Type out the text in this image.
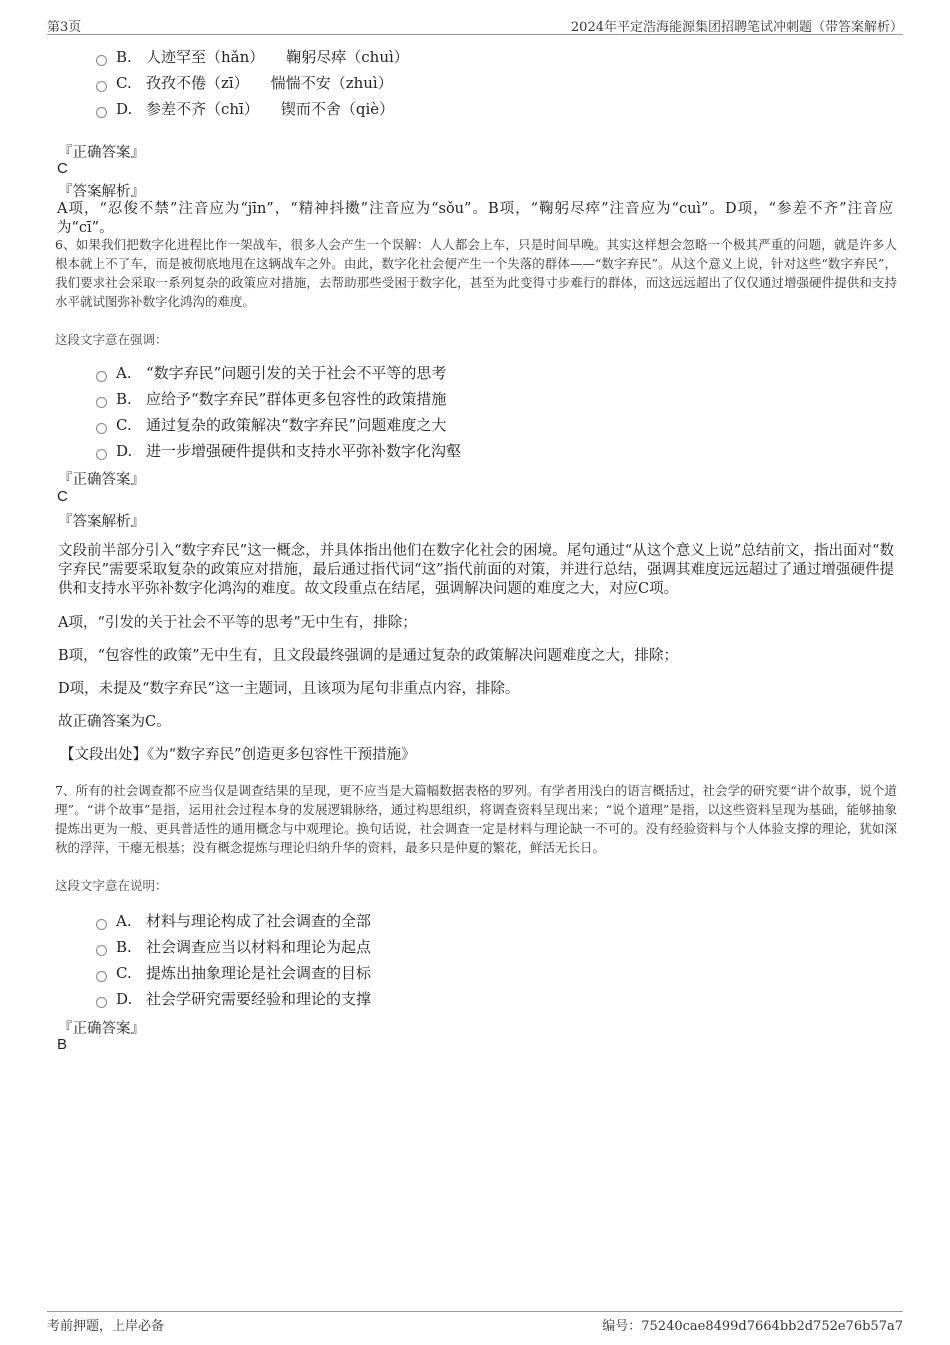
第3页	2024年平定浩海能源集团招聘笔试冲刺题（带答案解析）
B. 人迹罕至（hǎn） 鞠躬尽瘁（chuì）
C. 孜孜不倦（zī） 惴惴不安（zhuì）
D. 参差不齐（chī） 锲而不舍（qiè）
『正确答案』
C
『答案解析』
A项，“忍俊不禁”注音应为“jīn”，“精神抖擞”注音应为“sǒu”。B项，“鞠躬尽瘁”注音应为“cuì”。D项，“参差不齐”注音应为“cī”。
6、如果我们把数字化进程比作一架战车，很多人会产生一个误解：人人都会上车，只是时间早晚。其实这样想会忽略一个极其严重的问题，就是许多人根本就上不了车，而是被彻底地甩在这辆战车之外。由此，数字化社会便产生一个失落的群体——“数字弃民”。从这个意义上说，针对这些“数字弃民”，我们要求社会采取一系列复杂的政策应对措施，去帮助那些受困于数字化，甚至为此变得寸步难行的群体，而这远远超出了仅仅通过增强硬件提供和支持水平就试图弥补数字化鸿沟的难度。
这段文字意在强调：
A. “数字弃民”问题引发的关于社会不平等的思考
B. 应给予“数字弃民”群体更多包容性的政策措施
C. 通过复杂的政策解决“数字弃民”问题难度之大
D. 进一步增强硬件提供和支持水平弥补数字化沟壑
『正确答案』
C
『答案解析』
文段前半部分引入“数字弃民”这一概念，并具体指出他们在数字化社会的困境。尾句通过“从这个意义上说”总结前文，指出面对“数字弃民”需要采取复杂的政策应对措施，最后通过指代词“这”指代前面的对策，并进行总结，强调其难度远远超过了通过增强硬件提供和支持水平弥补数字化鸿沟的难度。故文段重点在结尾，强调解决问题的难度之大，对应C项。
A项，“引发的关于社会不平等的思考”无中生有，排除；
B项，“包容性的政策”无中生有，且文段最终强调的是通过复杂的政策解决问题难度之大，排除；
D项，未提及“数字弃民”这一主题词，且该项为尾句非重点内容，排除。
故正确答案为C。
【文段出处】《为“数字弃民”创造更多包容性干预措施》
7、所有的社会调查都不应当仅是调查结果的呈现，更不应当是大篇幅数据表格的罗列。有学者用浅白的语言概括过，社会学的研究要“讲个故事，说个道理”。“讲个故事”是指，运用社会过程本身的发展逻辑脉络，通过构思组织，将调查资料呈现出来；“说个道理”是指，以这些资料呈现为基础，能够抽象提炼出更为一般、更具普适性的通用概念与中观理论。换句话说，社会调查一定是材料与理论缺一不可的。没有经验资料与个人体验支撑的理论，犹如深秋的浮萍，干瘪无根基；没有概念提炼与理论归纳升华的资料，最多只是仲夏的繁花，鲜活无长日。
这段文字意在说明：
A. 材料与理论构成了社会调查的全部
B. 社会调查应当以材料和理论为起点
C. 提炼出抽象理论是社会调查的目标
D. 社会学研究需要经验和理论的支撑
『正确答案』
B
考前押题，上岸必备	编号：75240cae8499d7664bb2d752e76b57a7
